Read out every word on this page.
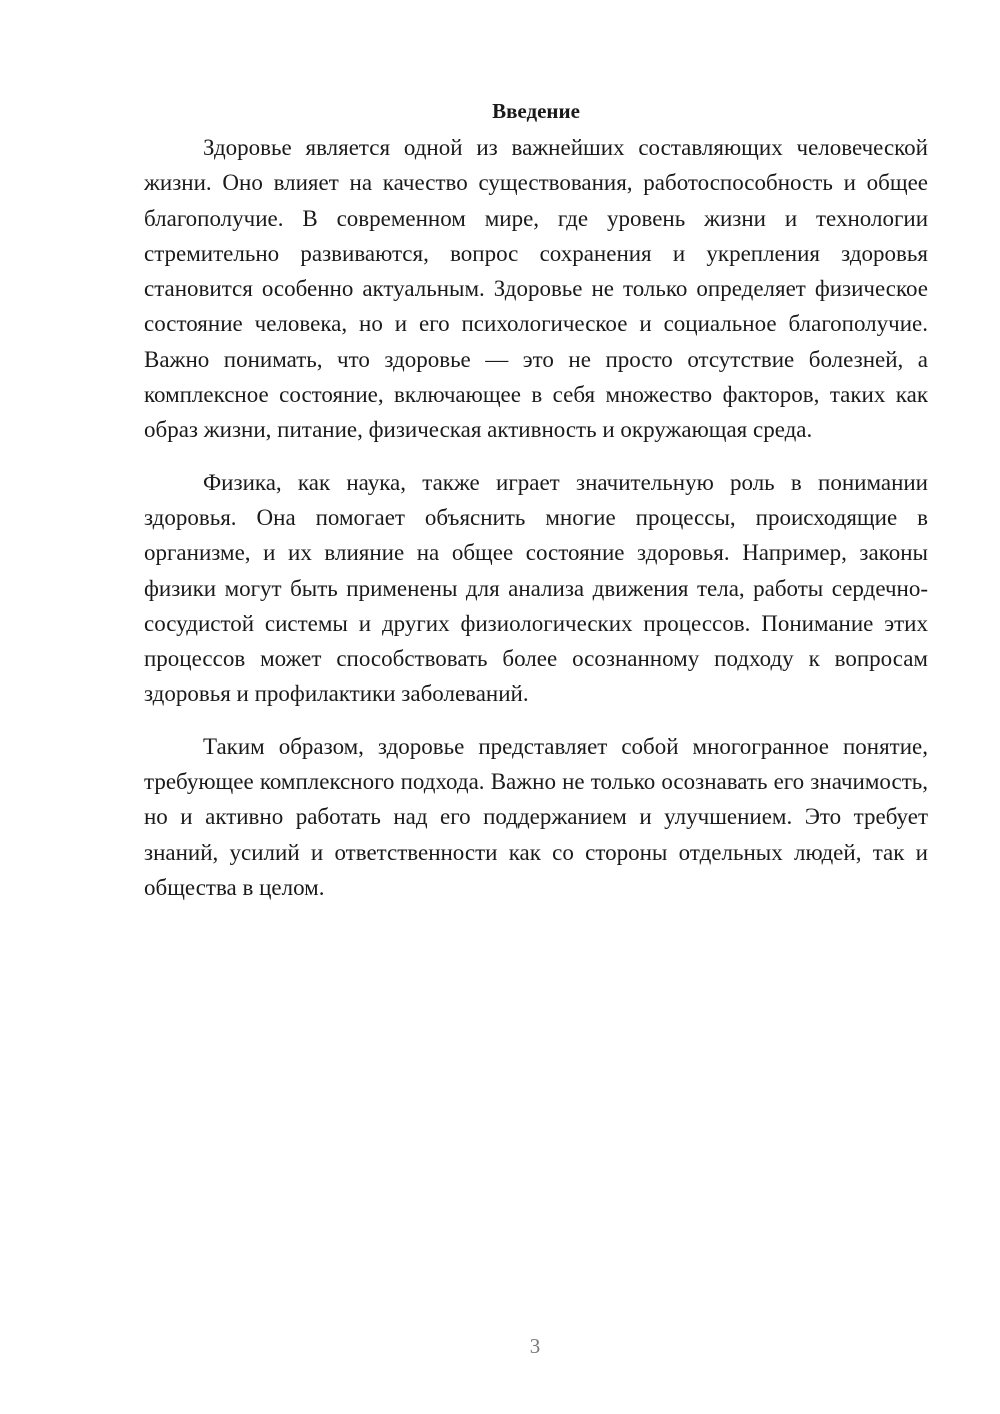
Введение

Здоровье является одной из важнейших составляющих человеческой жизни. Оно влияет на качество существования, работоспособность и общее благополучие. В современном мире, где уровень жизни и технологии стремительно развиваются, вопрос сохранения и укрепления здоровья становится особенно актуальным. Здоровье не только определяет физическое состояние человека, но и его психологическое и социальное благополучие. Важно понимать, что здоровье — это не просто отсутствие болезней, а комплексное состояние, включающее в себя множество факторов, таких как образ жизни, питание, физическая активность и окружающая среда.

Физика, как наука, также играет значительную роль в понимании здоровья. Она помогает объяснить многие процессы, происходящие в организме, и их влияние на общее состояние здоровья. Например, законы физики могут быть применены для анализа движения тела, работы сердечно-сосудистой системы и других физиологических процессов. Понимание этих процессов может способствовать более осознанному подходу к вопросам здоровья и профилактики заболеваний.

Таким образом, здоровье представляет собой многогранное понятие, требующее комплексного подхода. Важно не только осознавать его значимость, но и активно работать над его поддержанием и улучшением. Это требует знаний, усилий и ответственности как со стороны отдельных людей, так и общества в целом.

3
